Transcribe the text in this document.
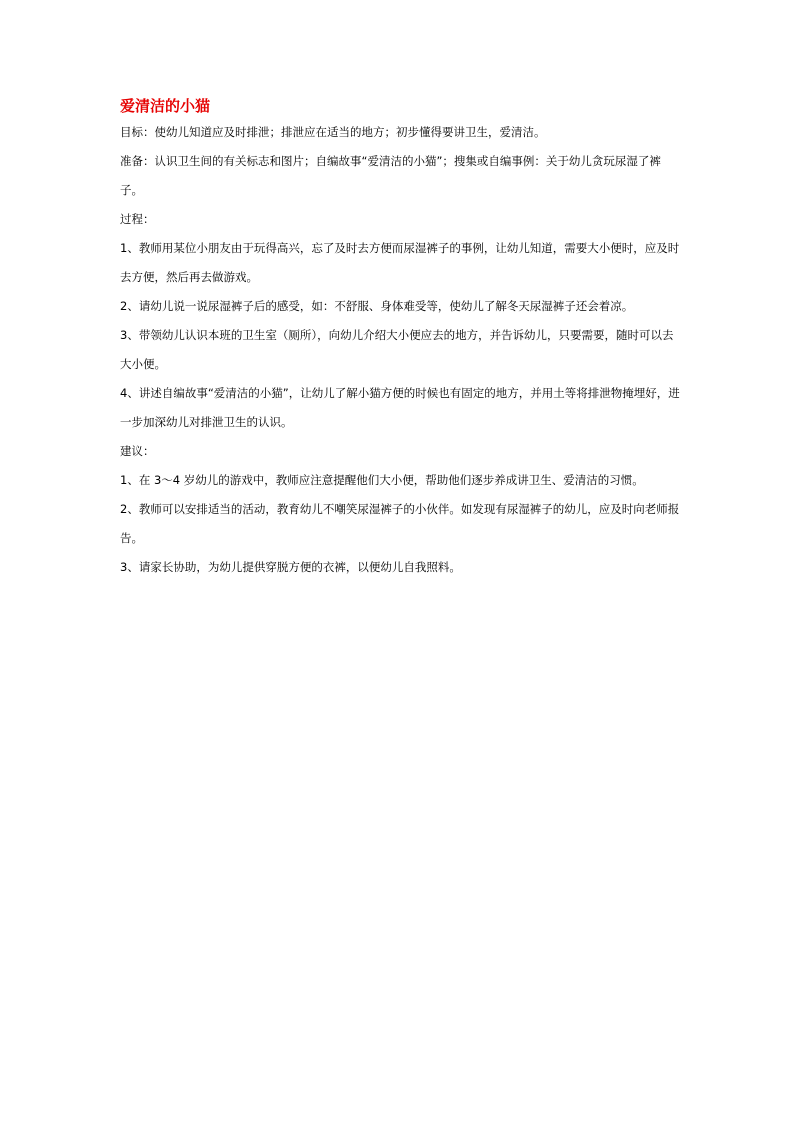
爱清洁的小猫

目标：使幼儿知道应及时排泄；排泄应在适当的地方；初步懂得要讲卫生，爱清洁。

准备：认识卫生间的有关标志和图片；自编故事“爱清洁的小猫”；搜集或自编事例：关于幼儿贪玩尿湿了裤子。

过程：

1、教师用某位小朋友由于玩得高兴，忘了及时去方便而尿湿裤子的事例，让幼儿知道，需要大小便时，应及时去方便，然后再去做游戏。

2、请幼儿说一说尿湿裤子后的感受，如：不舒服、身体难受等，使幼儿了解冬天尿湿裤子还会着凉。

3、带领幼儿认识本班的卫生室（厕所），向幼儿介绍大小便应去的地方，并告诉幼儿，只要需要，随时可以去大小便。

4、讲述自编故事“爱清洁的小猫”，让幼儿了解小猫方便的时候也有固定的地方，并用土等将排泄物掩埋好，进一步加深幼儿对排泄卫生的认识。

建议：

1、在 3～4 岁幼儿的游戏中，教师应注意提醒他们大小便，帮助他们逐步养成讲卫生、爱清洁的习惯。

2、教师可以安排适当的活动，教育幼儿不嘲笑尿湿裤子的小伙伴。如发现有尿湿裤子的幼儿，应及时向老师报告。

3、请家长协助，为幼儿提供穿脱方便的衣裤，以便幼儿自我照料。
